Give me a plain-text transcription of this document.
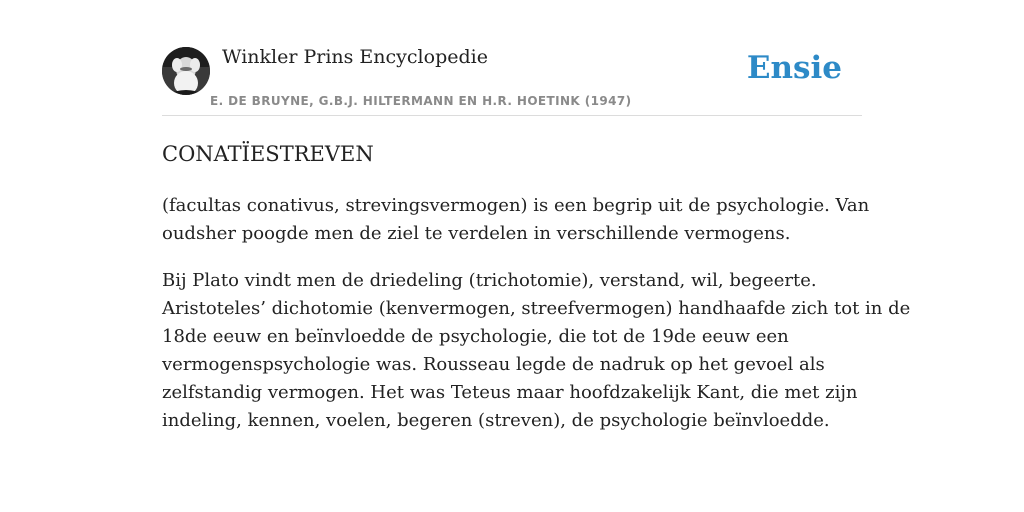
Winkler Prins Encyclopedie
E. DE BRUYNE, G.B.J. HILTERMANN EN H.R. HOETINK (1947)
Ensie
CONATÏESTREVEN

(facultas conativus, strevingsvermogen) is een begrip uit de psychologie. Van
oudsher poogde men de ziel te verdelen in verschillende vermogens.

Bij Plato vindt men de driedeling (trichotomie), verstand, wil, begeerte.
Aristoteles’ dichotomie (kenvermogen, streefvermogen) handhaafde zich tot in de
18de eeuw en beïnvloedde de psychologie, die tot de 19de eeuw een
vermogenspsychologie was. Rousseau legde de nadruk op het gevoel als
zelfstandig vermogen. Het was Teteus maar hoofdzakelijk Kant, die met zijn
indeling, kennen, voelen, begeren (streven), de psychologie beïnvloedde.
